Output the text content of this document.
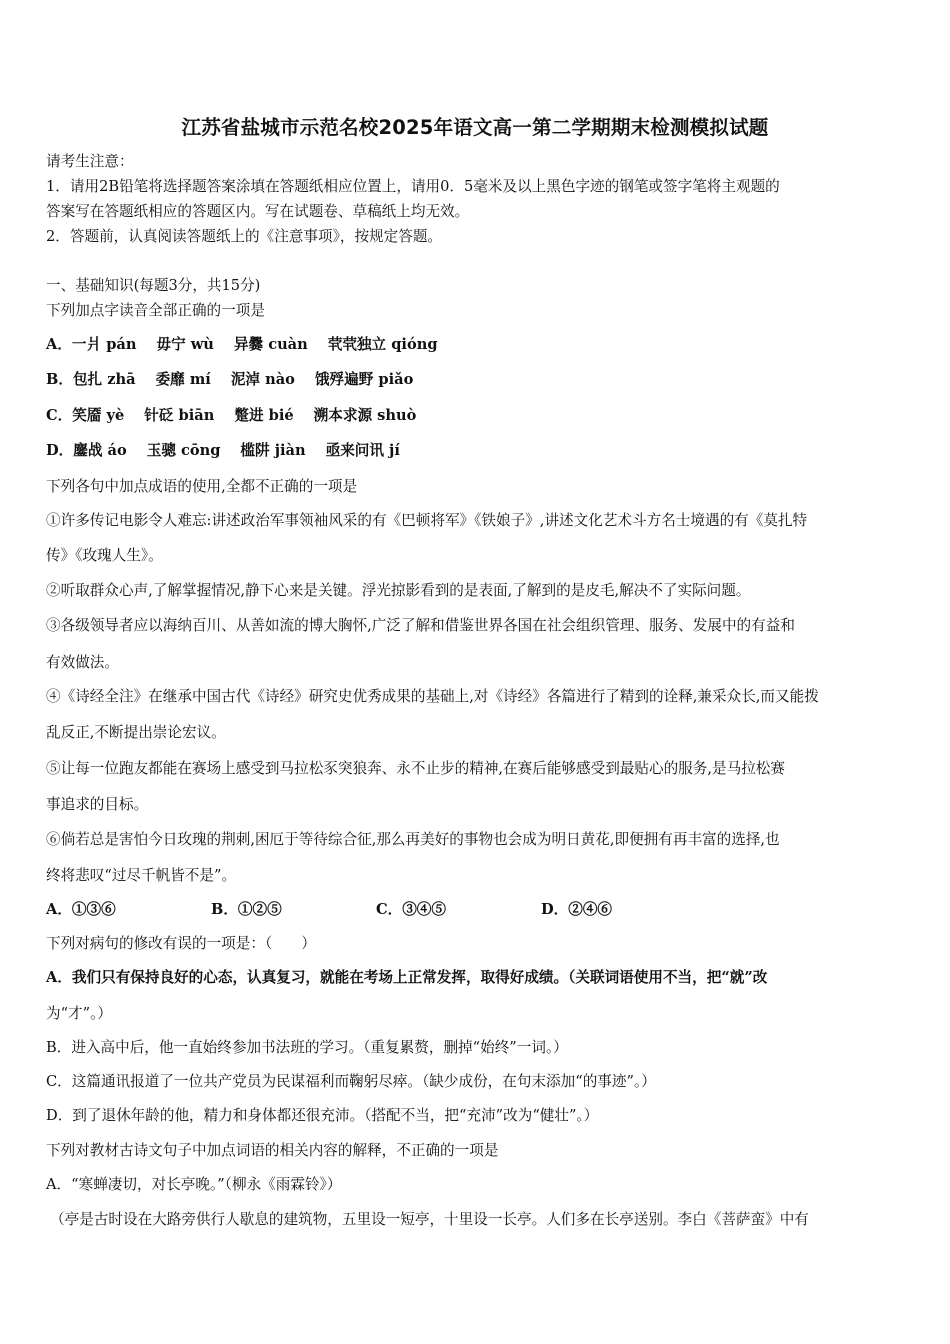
江苏省盐城市示范名校2025年语文高一第二学期期末检测模拟试题
请考生注意：
1．请用2B铅笔将选择题答案涂填在答题纸相应位置上，请用0．5毫米及以上黑色字迹的钢笔或签字笔将主观题的
答案写在答题纸相应的答题区内。写在试题卷、草稿纸上均无效。
2．答题前，认真阅读答题纸上的《注意事项》，按规定答题。
一、基础知识(每题3分，共15分)
下列加点字读音全部正确的一项是
A．一爿 pán 毋宁 wù 异爨 cuàn 茕茕独立 qióng
B．包扎 zhā 委靡 mí 泥淖 nào 饿殍遍野 piǎo
C．笑靥 yè 针砭 biān 蹩进 bié 溯本求源 shuò
D．鏖战 áo 玉骢 cōng 槛阱 jiàn 亟来问讯 jí
下列各句中加点成语的使用,全都不正确的一项是
①许多传记电影令人难忘:讲述政治军事领袖风采的有《巴顿将军》《铁娘子》,讲述文化艺术斗方名士境遇的有《莫扎特
传》《玫瑰人生》。
②听取群众心声,了解掌握情况,静下心来是关键。浮光掠影看到的是表面,了解到的是皮毛,解决不了实际问题。
③各级领导者应以海纳百川、从善如流的博大胸怀,广泛了解和借鉴世界各国在社会组织管理、服务、发展中的有益和
有效做法。
④《诗经全注》在继承中国古代《诗经》研究史优秀成果的基础上,对《诗经》各篇进行了精到的诠释,兼采众长,而又能拨
乱反正,不断提出崇论宏议。
⑤让每一位跑友都能在赛场上感受到马拉松豕突狼奔、永不止步的精神,在赛后能够感受到最贴心的服务,是马拉松赛
事追求的目标。
⑥倘若总是害怕今日玫瑰的荆刺,困厄于等待综合征,那么再美好的事物也会成为明日黄花,即便拥有再丰富的选择,也
终将悲叹“过尽千帆皆不是”。
A．①③⑥	B．①②⑤	C．③④⑤	D．②④⑥
下列对病句的修改有误的一项是：（　　）
A．我们只有保持良好的心态，认真复习，就能在考场上正常发挥，取得好成绩。（关联词语使用不当，把“就”改
为“才”。）
B．进入高中后，他一直始终参加书法班的学习。（重复累赘，删掉“始终”一词。）
C．这篇通讯报道了一位共产党员为民谋福利而鞠躬尽瘁。（缺少成份，在句末添加“的事迹”。）
D．到了退休年龄的他，精力和身体都还很充沛。（搭配不当，把“充沛”改为“健壮”。）
下列对教材古诗文句子中加点词语的相关内容的解释，不正确的一项是
A．“寒蝉凄切，对长亭晚。”（柳永《雨霖铃》）
（亭是古时设在大路旁供行人歇息的建筑物，五里设一短亭，十里设一长亭。人们多在长亭送别。李白《菩萨蛮》中有
